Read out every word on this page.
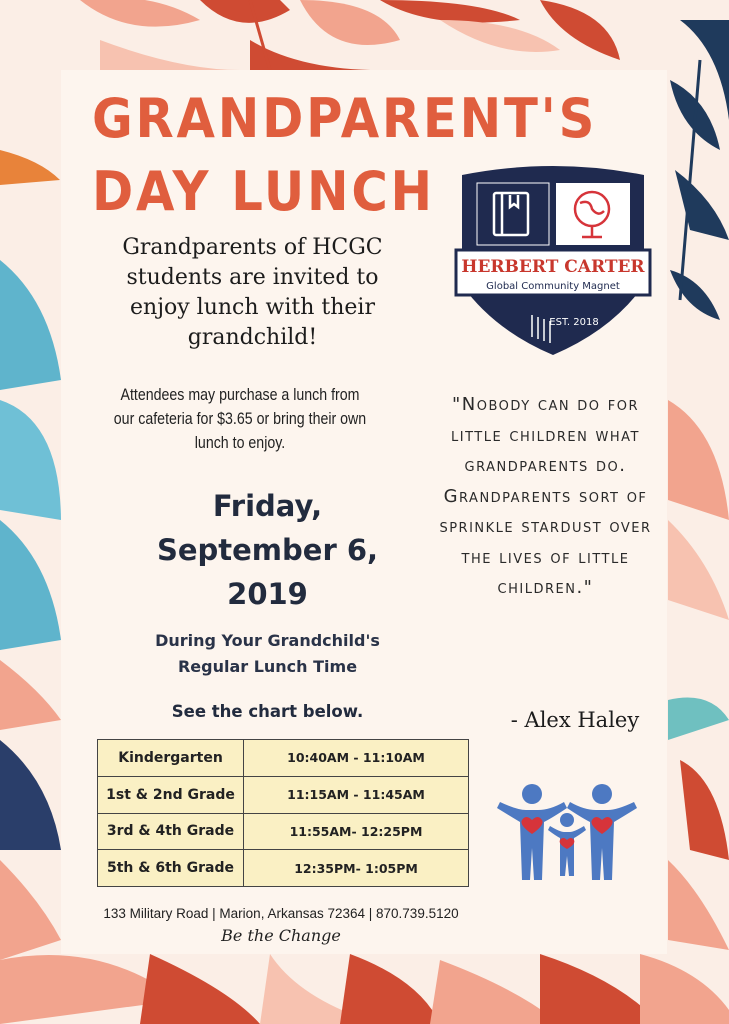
GRANDPARENT'S
DAY LUNCH
HERBERT CARTER
Global Community Magnet
EST. 2018
Grandparents of HCGC students are invited to enjoy lunch with their grandchild!
Attendees may purchase a lunch from our cafeteria for $3.65 or bring their own lunch to enjoy.
Friday,
September 6,
2019
During Your Grandchild's
Regular Lunch Time
See the chart below.
Kindergarten	10:40AM - 11:10AM
1st & 2nd Grade	11:15AM - 11:45AM
3rd & 4th Grade	11:55AM- 12:25PM
5th & 6th Grade	12:35PM- 1:05PM
"Nobody can do for little children what grandparents do. Grandparents sort of sprinkle stardust over the lives of little children."
- Alex Haley
133 Military Road | Marion, Arkansas 72364 | 870.739.5120
Be the Change
